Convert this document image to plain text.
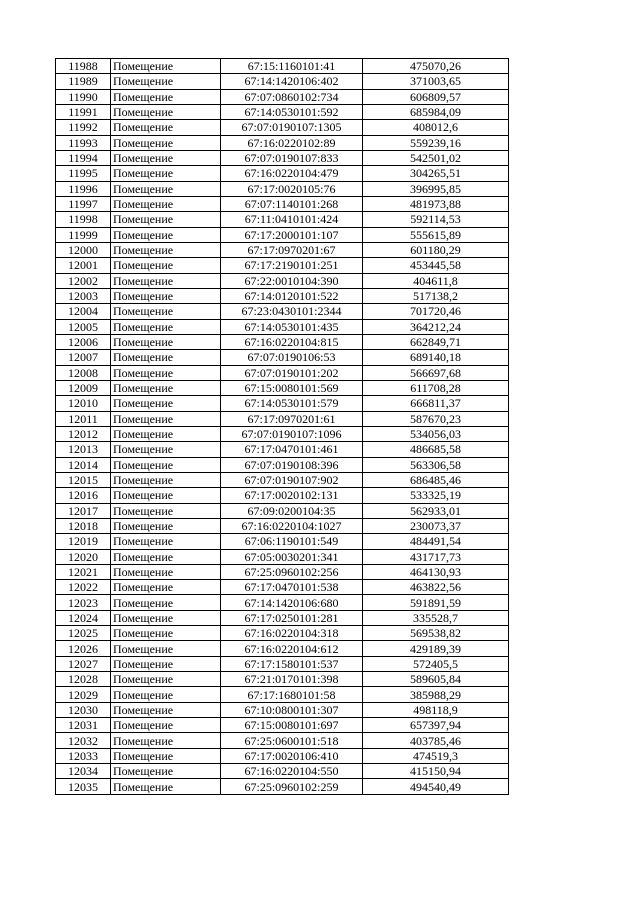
11988	Помещение	67:15:1160101:41	475070,26
11989	Помещение	67:14:1420106:402	371003,65
11990	Помещение	67:07:0860102:734	606809,57
11991	Помещение	67:14:0530101:592	685984,09
11992	Помещение	67:07:0190107:1305	408012,6
11993	Помещение	67:16:0220102:89	559239,16
11994	Помещение	67:07:0190107:833	542501,02
11995	Помещение	67:16:0220104:479	304265,51
11996	Помещение	67:17:0020105:76	396995,85
11997	Помещение	67:07:1140101:268	481973,88
11998	Помещение	67:11:0410101:424	592114,53
11999	Помещение	67:17:2000101:107	555615,89
12000	Помещение	67:17:0970201:67	601180,29
12001	Помещение	67:17:2190101:251	453445,58
12002	Помещение	67:22:0010104:390	404611,8
12003	Помещение	67:14:0120101:522	517138,2
12004	Помещение	67:23:0430101:2344	701720,46
12005	Помещение	67:14:0530101:435	364212,24
12006	Помещение	67:16:0220104:815	662849,71
12007	Помещение	67:07:0190106:53	689140,18
12008	Помещение	67:07:0190101:202	566697,68
12009	Помещение	67:15:0080101:569	611708,28
12010	Помещение	67:14:0530101:579	666811,37
12011	Помещение	67:17:0970201:61	587670,23
12012	Помещение	67:07:0190107:1096	534056,03
12013	Помещение	67:17:0470101:461	486685,58
12014	Помещение	67:07:0190108:396	563306,58
12015	Помещение	67:07:0190107:902	686485,46
12016	Помещение	67:17:0020102:131	533325,19
12017	Помещение	67:09:0200104:35	562933,01
12018	Помещение	67:16:0220104:1027	230073,37
12019	Помещение	67:06:1190101:549	484491,54
12020	Помещение	67:05:0030201:341	431717,73
12021	Помещение	67:25:0960102:256	464130,93
12022	Помещение	67:17:0470101:538	463822,56
12023	Помещение	67:14:1420106:680	591891,59
12024	Помещение	67:17:0250101:281	335528,7
12025	Помещение	67:16:0220104:318	569538,82
12026	Помещение	67:16:0220104:612	429189,39
12027	Помещение	67:17:1580101:537	572405,5
12028	Помещение	67:21:0170101:398	589605,84
12029	Помещение	67:17:1680101:58	385988,29
12030	Помещение	67:10:0800101:307	498118,9
12031	Помещение	67:15:0080101:697	657397,94
12032	Помещение	67:25:0600101:518	403785,46
12033	Помещение	67:17:0020106:410	474519,3
12034	Помещение	67:16:0220104:550	415150,94
12035	Помещение	67:25:0960102:259	494540,49
